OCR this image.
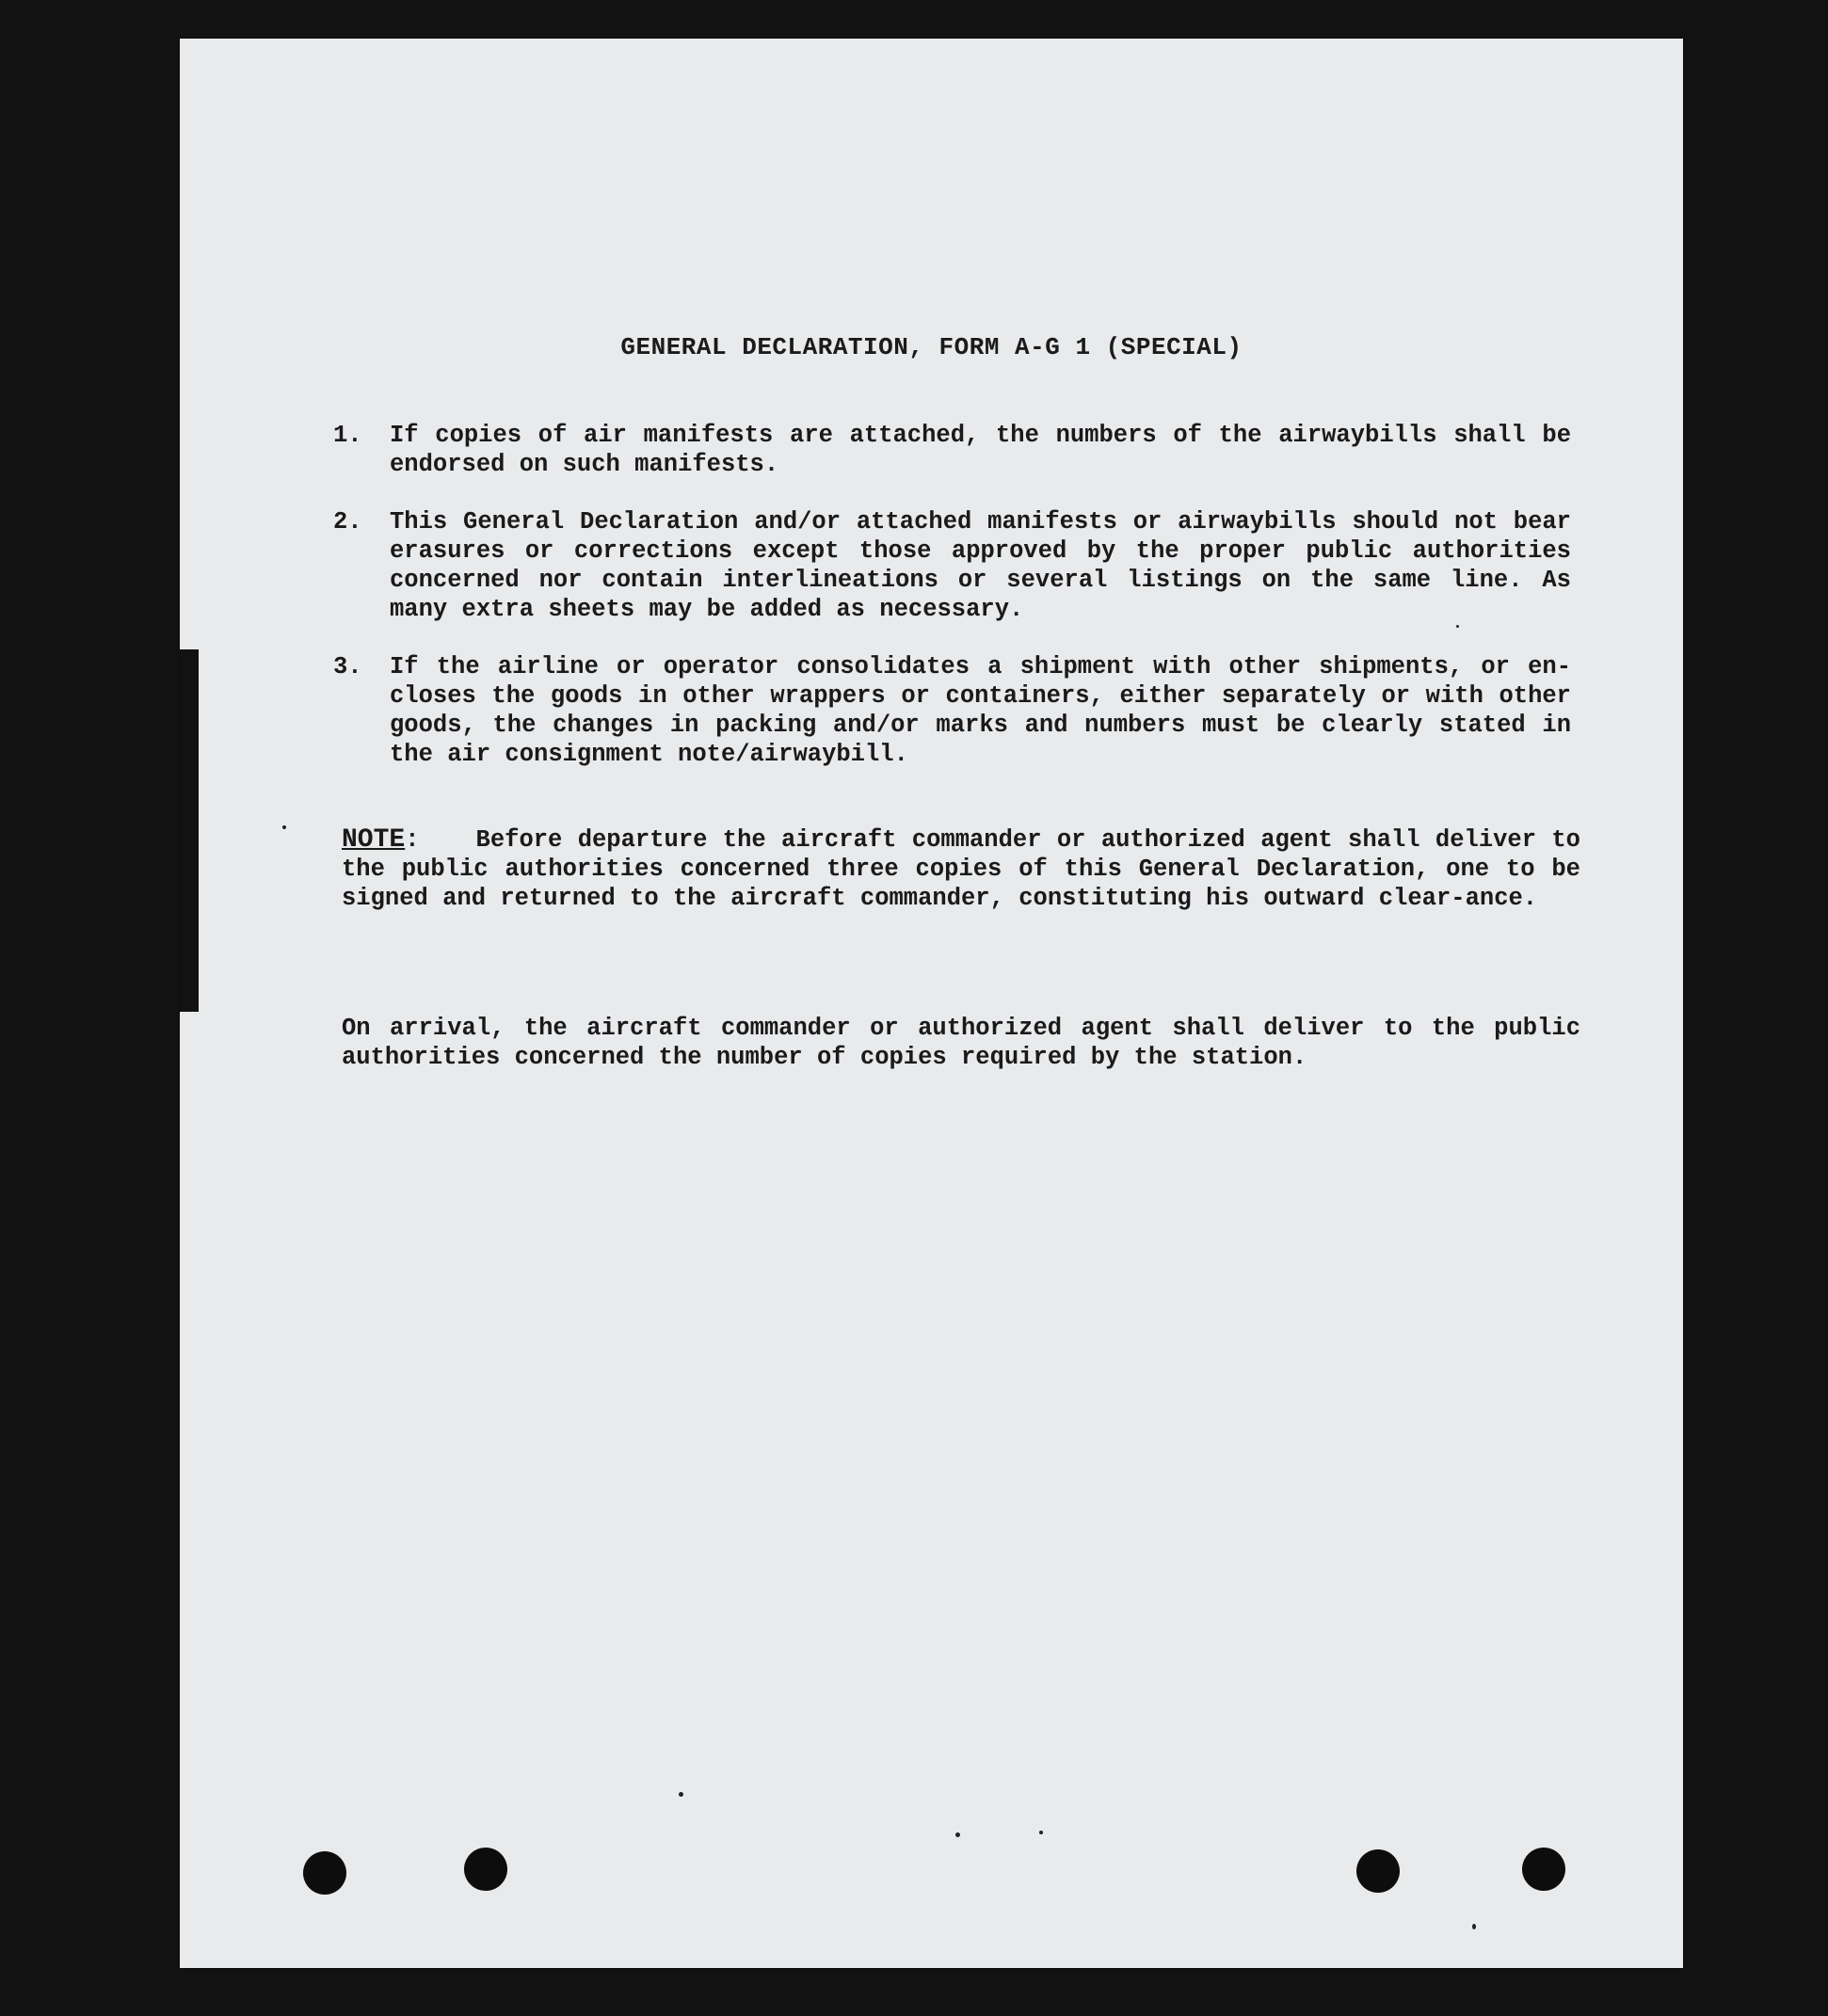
GENERAL DECLARATION, FORM A-G 1 (SPECIAL)
1.	If copies of air manifests are attached, the numbers of the airwaybills shall be endorsed on such manifests.
2.	This General Declaration and/or attached manifests or airwaybills should not bear erasures or corrections except those approved by the proper public authorities concerned nor contain interlineations or several listings on the same line. As many extra sheets may be added as necessary.
3.	If the airline or operator consolidates a shipment with other shipments, or en-closes the goods in other wrappers or containers, either separately or with other goods, the changes in packing and/or marks and numbers must be clearly stated in the air consignment note/airwaybill.
NOTE: Before departure the aircraft commander or authorized agent shall deliver to the public authorities concerned three copies of this General Declaration, one to be signed and returned to the aircraft commander, constituting his outward clear-ance.
On arrival, the aircraft commander or authorized agent shall deliver to the public authorities concerned the number of copies required by the station.
